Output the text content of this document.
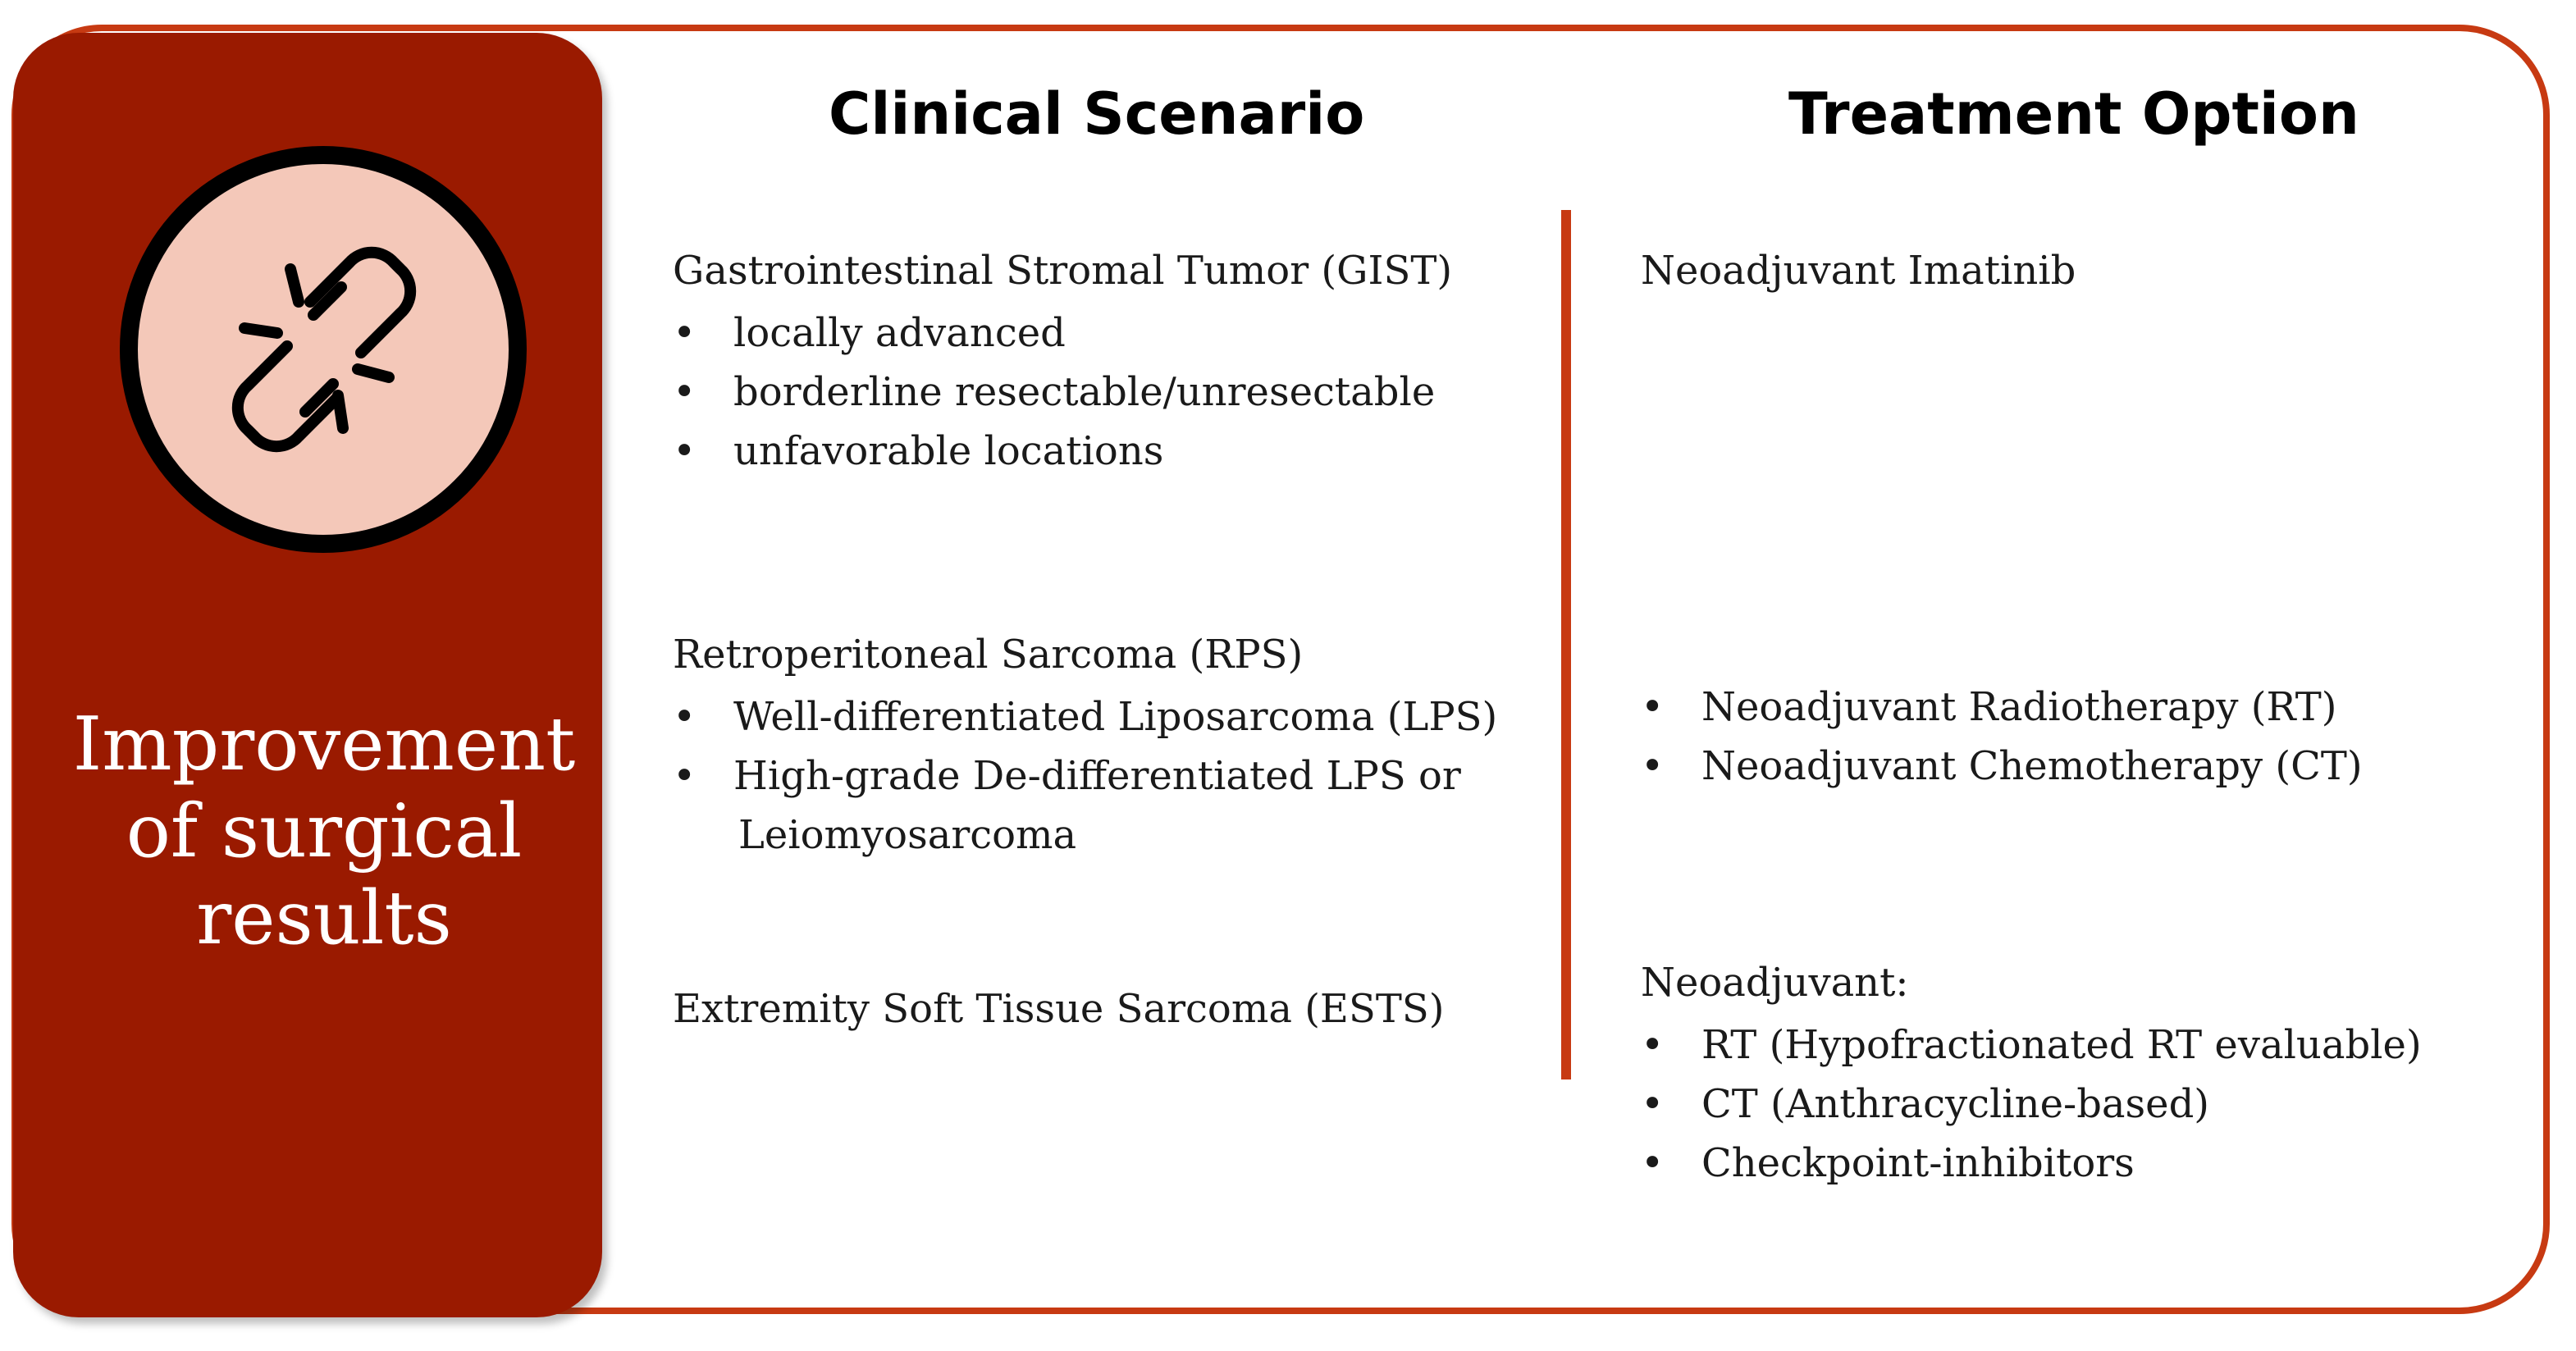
Improvement
of surgical
results
Clinical Scenario	Treatment Option
Gastrointestinal Stromal Tumor (GIST)
• locally advanced
• borderline resectable/unresectable
• unfavorable locations
Retroperitoneal Sarcoma (RPS)
• Well-differentiated Liposarcoma (LPS)
• High-grade De-differentiated LPS or
Leiomyosarcoma
Extremity Soft Tissue Sarcoma (ESTS)
Neoadjuvant Imatinib
• Neoadjuvant Radiotherapy (RT)
• Neoadjuvant Chemotherapy (CT)
Neoadjuvant:
• RT (Hypofractionated RT evaluable)
• CT (Anthracycline-based)
• Checkpoint-inhibitors
